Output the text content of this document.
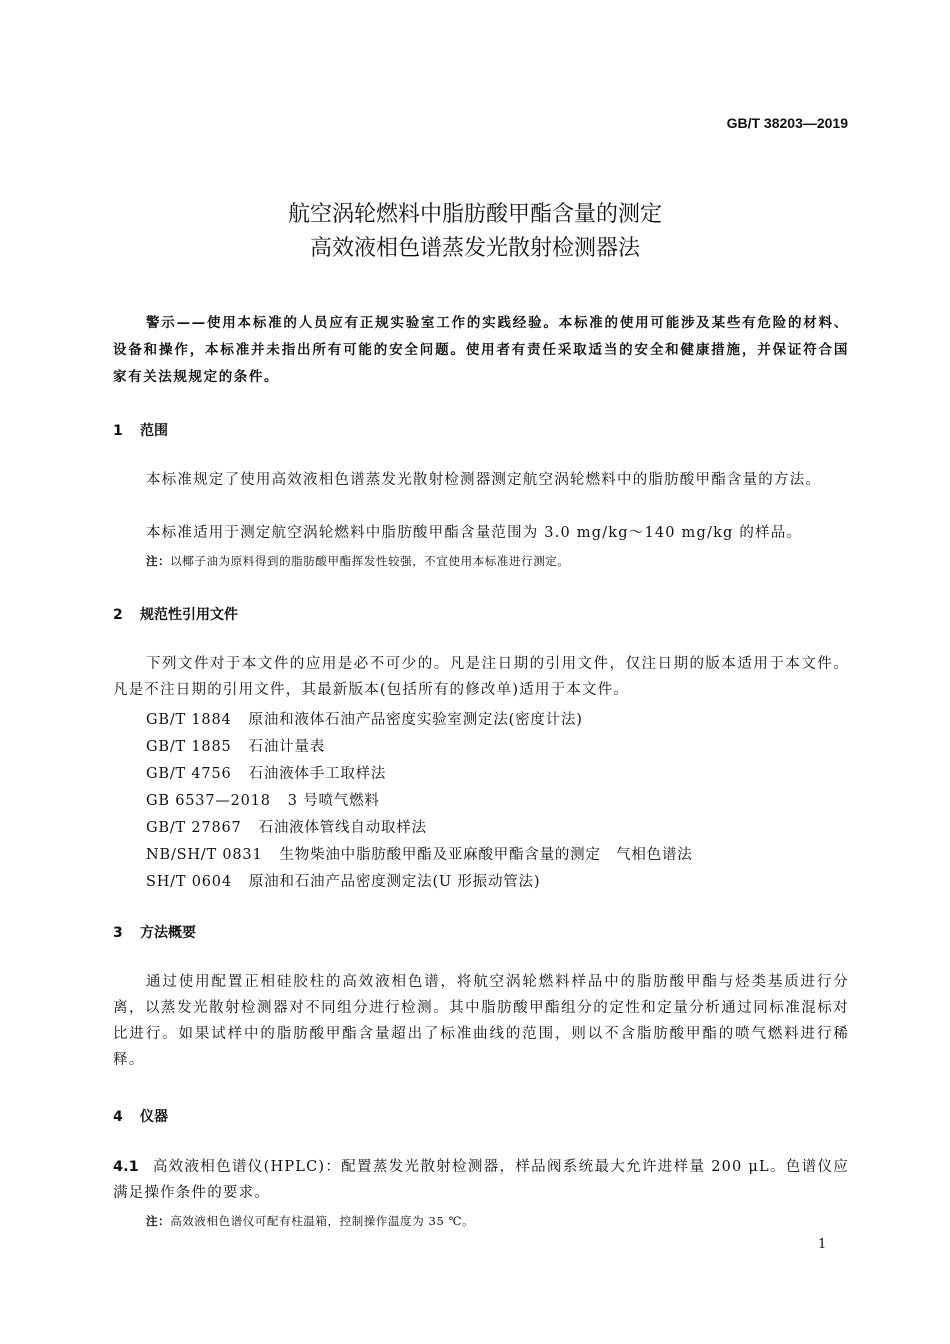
GB/T 38203—2019
航空涡轮燃料中脂肪酸甲酯含量的测定
高效液相色谱蒸发光散射检测器法
警示——使用本标准的人员应有正规实验室工作的实践经验。本标准的使用可能涉及某些有危险的材料、设备和操作，本标准并未指出所有可能的安全问题。使用者有责任采取适当的安全和健康措施，并保证符合国家有关法规规定的条件。
1 范围
本标准规定了使用高效液相色谱蒸发光散射检测器测定航空涡轮燃料中的脂肪酸甲酯含量的方法。
本标准适用于测定航空涡轮燃料中脂肪酸甲酯含量范围为 3.0 mg/kg～140 mg/kg 的样品。
注：以椰子油为原料得到的脂肪酸甲酯挥发性较强，不宜使用本标准进行测定。
2 规范性引用文件
下列文件对于本文件的应用是必不可少的。凡是注日期的引用文件，仅注日期的版本适用于本文件。凡是不注日期的引用文件，其最新版本(包括所有的修改单)适用于本文件。
GB/T 1884 原油和液体石油产品密度实验室测定法(密度计法)
GB/T 1885 石油计量表
GB/T 4756 石油液体手工取样法
GB 6537—2018 3 号喷气燃料
GB/T 27867 石油液体管线自动取样法
NB/SH/T 0831 生物柴油中脂肪酸甲酯及亚麻酸甲酯含量的测定　气相色谱法
SH/T 0604 原油和石油产品密度测定法(U 形振动管法)
3 方法概要
通过使用配置正相硅胶柱的高效液相色谱，将航空涡轮燃料样品中的脂肪酸甲酯与烃类基质进行分离，以蒸发光散射检测器对不同组分进行检测。其中脂肪酸甲酯组分的定性和定量分析通过同标准混标对比进行。如果试样中的脂肪酸甲酯含量超出了标准曲线的范围，则以不含脂肪酸甲酯的喷气燃料进行稀释。
4 仪器
4.1 高效液相色谱仪(HPLC)：配置蒸发光散射检测器，样品阀系统最大允许进样量 200 μL。色谱仪应满足操作条件的要求。
注：高效液相色谱仪可配有柱温箱，控制操作温度为 35 ℃。
1
